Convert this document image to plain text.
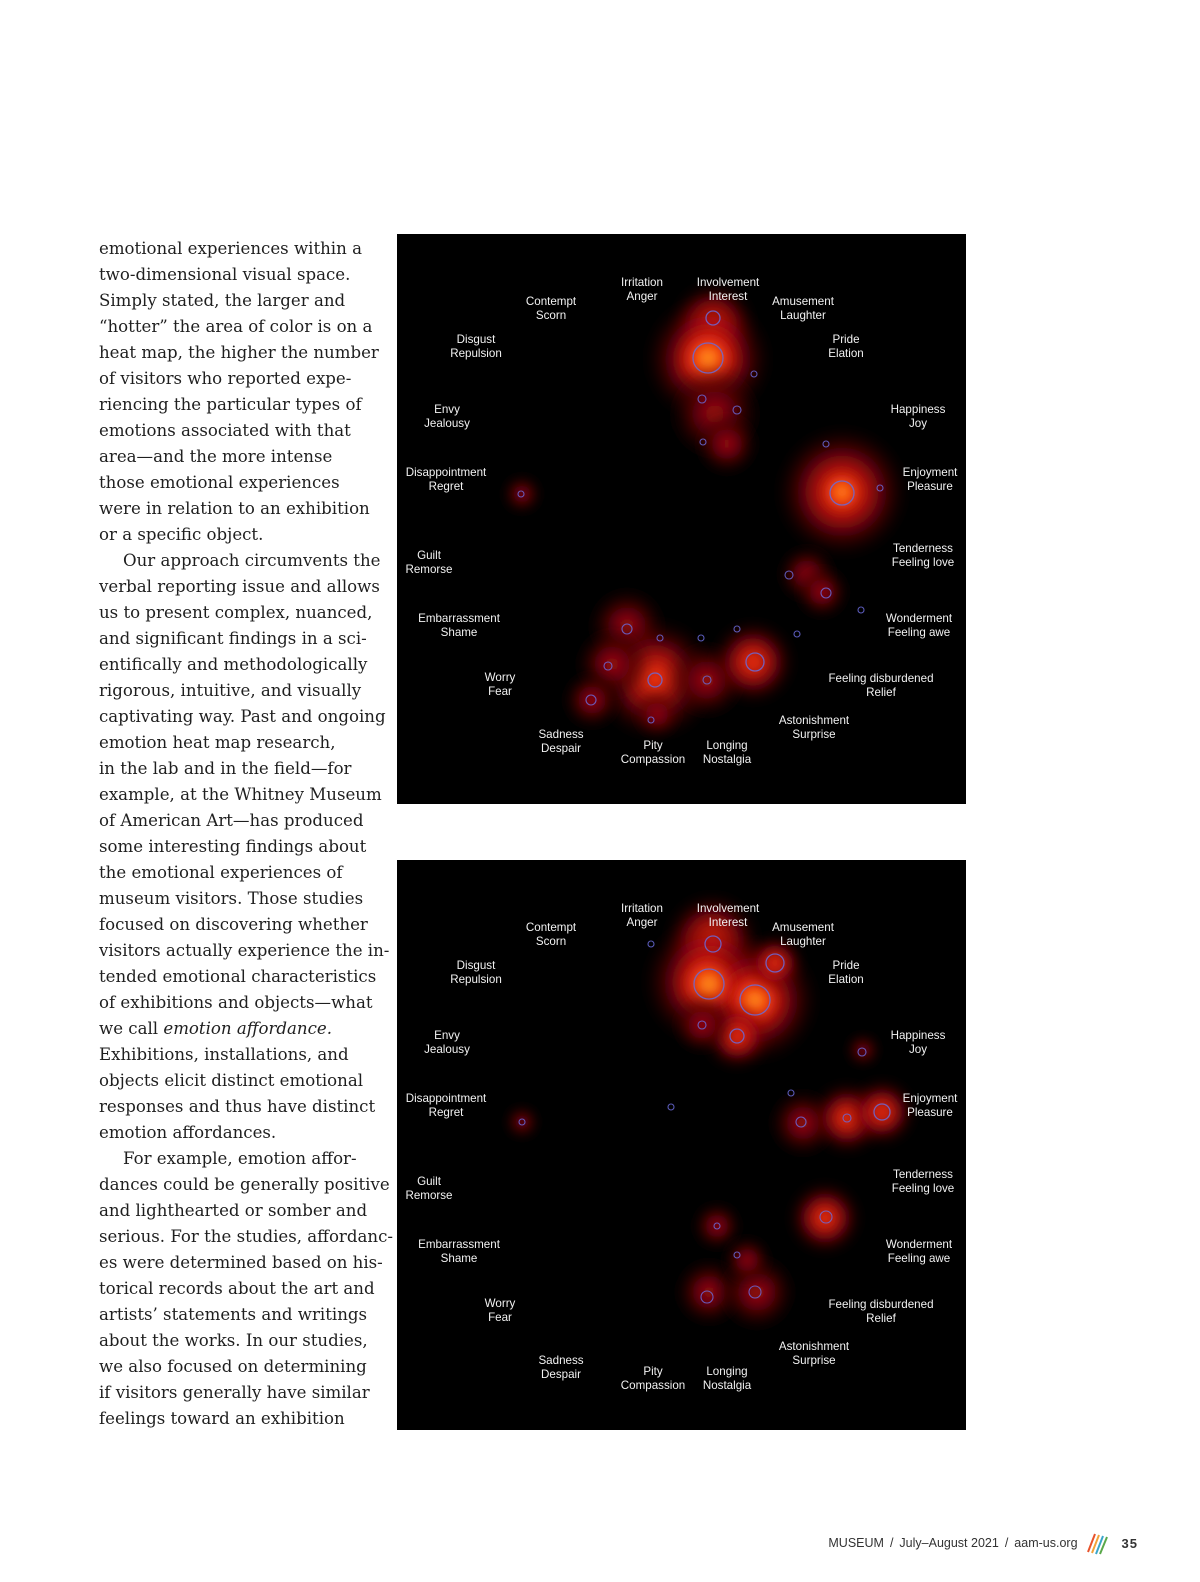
emotional experiences within a
two-dimensional visual space.
Simply stated, the larger and
“hotter” the area of color is on a
heat map, the higher the number
of visitors who reported expe-
riencing the particular types of
emotions associated with that
area—and the more intense
those emotional experiences
were in relation to an exhibition
or a specific object.
Our approach circumvents the
verbal reporting issue and allows
us to present complex, nuanced,
and significant findings in a sci-
entifically and methodologically
rigorous, intuitive, and visually
captivating way. Past and ongoing
emotion heat map research,
in the lab and in the field—for
example, at the Whitney Museum
of American Art—has produced
some interesting findings about
the emotional experiences of
museum visitors. Those studies
focused on discovering whether
visitors actually experience the in-
tended emotional characteristics
of exhibitions and objects—what
we call emotion affordance.
Exhibitions, installations, and
objects elicit distinct emotional
responses and thus have distinct
emotion affordances.
For example, emotion affor-
dances could be generally positive
and lighthearted or somber and
serious. For the studies, affordanc-
es were determined based on his-
torical records about the art and
artists’ statements and writings
about the works. In our studies,
we also focused on determining
if visitors generally have similar
feelings toward an exhibition
Irritation
Anger
Involvement
Interest	Amusement
Laughter
Pride
Elation
Happiness
Joy
Enjoyment
Pleasure
Tenderness
Feeling love
Wonderment
Feeling awe
Feeling disburdened
Relief
Astonishment
Surprise
Longing
Nostalgia
Pity
Compassion
Sadness
Despair
Worry
Fear
Embarrassment
Shame
Guilt
Remorse
Disappointment
Regret
Envy
Jealousy
Disgust
Repulsion
Contempt
Scorn
Irritation
Anger
Involvement
Interest	Amusement
Laughter
Pride
Elation
Happiness
Joy
Enjoyment
Pleasure
Tenderness
Feeling love
Wonderment
Feeling awe
Feeling disburdened
Relief
Astonishment
Surprise
Longing
Nostalgia
Pity
Compassion
Sadness
Despair
Worry
Fear
Embarrassment
Shame
Guilt
Remorse
Disappointment
Regret
Envy
Jealousy
Disgust
Repulsion
Contempt
Scorn
MUSEUM / July–August 2021 / aam-us.org	35
